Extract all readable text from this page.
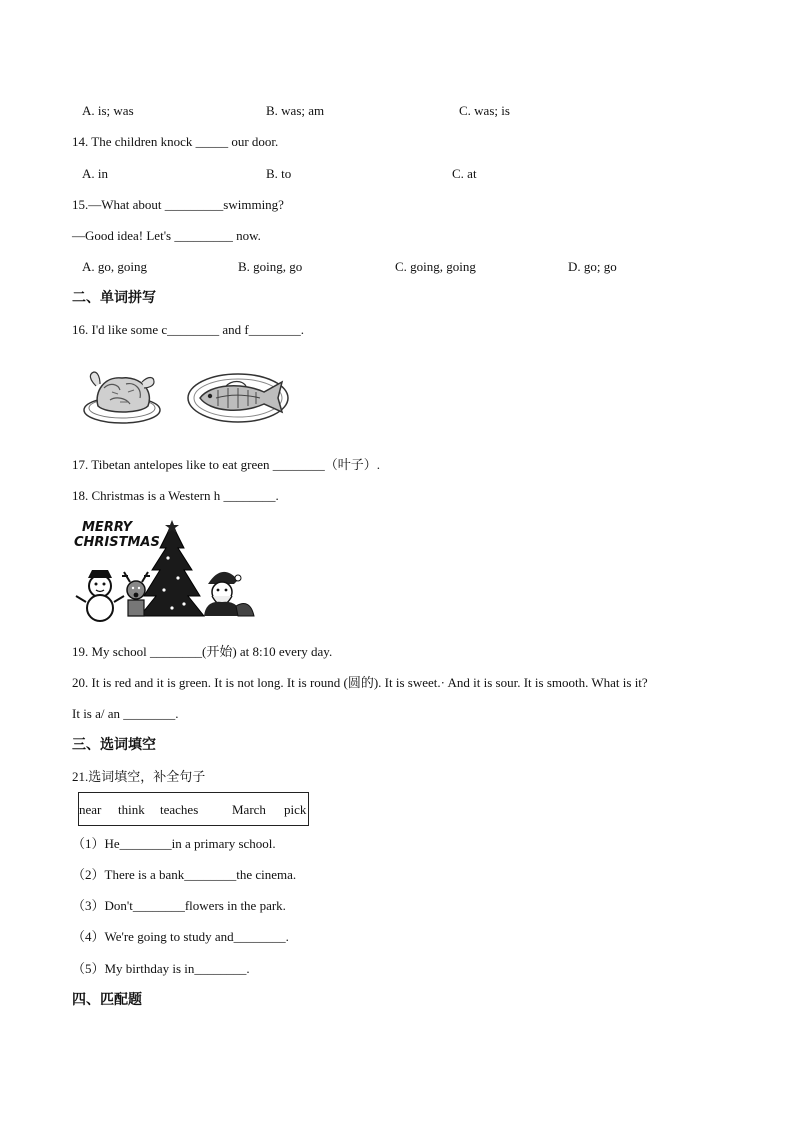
A. is; was	B. was; am	C. was; is
14. The children knock _____ our door.
A. in	B. to	C. at
15.—What about _________swimming?
—Good idea! Let's _________ now.
A. go, going	B. going, go	C. going, going	D. go; go
二、单词拼写
16. I'd like some c________ and f________.
17. Tibetan antelopes like to eat green ________（叶子）.
18. Christmas is a Western h ________.
MERRY
CHRISTMAS
19. My school ________(开始) at 8:10 every day.
20. It is red and it is green. It is not long. It is round (圆的). It is sweet.· And it is sour. It is smooth. What is it?
It is a/ an ________.
三、选词填空
21.选词填空，补全句子
near think teaches	March pick
（1）He________in a primary school.
（2）There is a bank________the cinema.
（3）Don't________flowers in the park.
（4）We're going to study and________.
（5）My birthday is in________.
四、匹配题
